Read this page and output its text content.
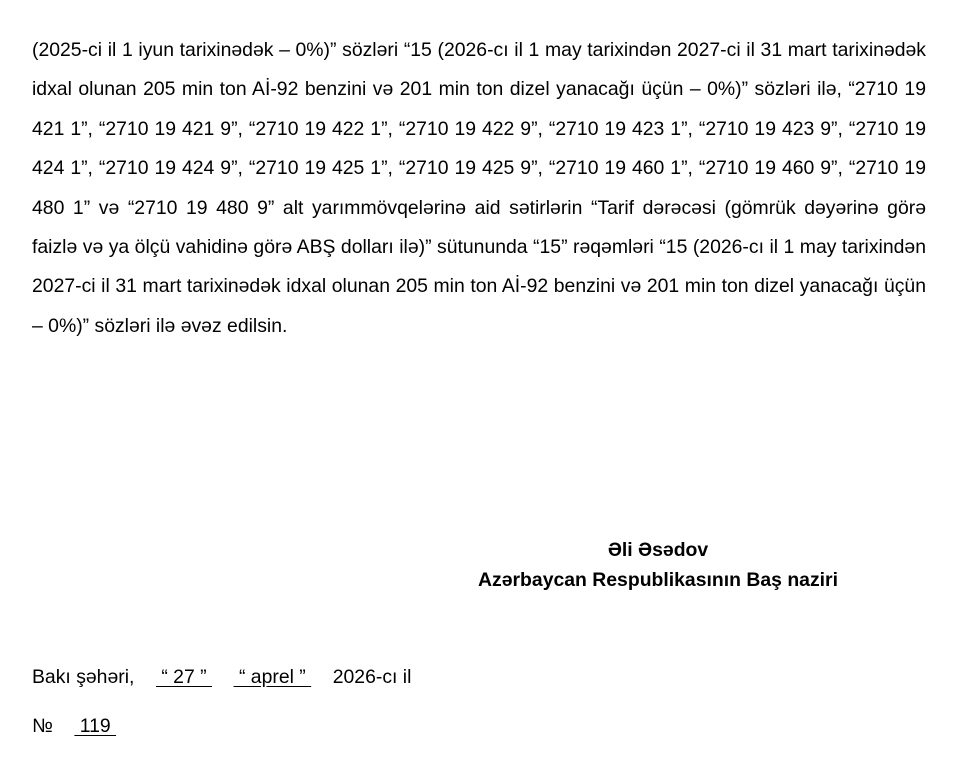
(2025-ci il 1 iyun tarixinədək – 0%)” sözləri “15 (2026-cı il 1 may tarixindən 2027-ci il 31 mart tarixinədək idxal olunan 205 min ton Aİ-92 benzini və 201 min ton dizel yanacağı üçün – 0%)” sözləri ilə, “2710 19 421 1”, “2710 19 421 9”, “2710 19 422 1”, “2710 19 422 9”, “2710 19 423 1”, “2710 19 423 9”, “2710 19 424 1”, “2710 19 424 9”, “2710 19 425 1”, “2710 19 425 9”, “2710 19 460 1”, “2710 19 460 9”, “2710 19 480 1” və “2710 19 480 9” alt yarımmövqelərinə aid sətirlərin “Tarif dərəcəsi (gömrük dəyərinə görə faizlə və ya ölçü vahidinə görə ABŞ dolları ilə)” sütununda “15” rəqəmləri “15 (2026-cı il 1 may tarixindən 2027-ci il 31 mart tarixinədək idxal olunan 205 min ton Aİ-92 benzini və 201 min ton dizel yanacağı üçün – 0%)” sözləri ilə əvəz edilsin.

Əli Əsədov

Azərbaycan Respublikasının Baş naziri

Bakı şəhəri,     “ 27 ”      “ aprel ”     2026-cı il
№     119
